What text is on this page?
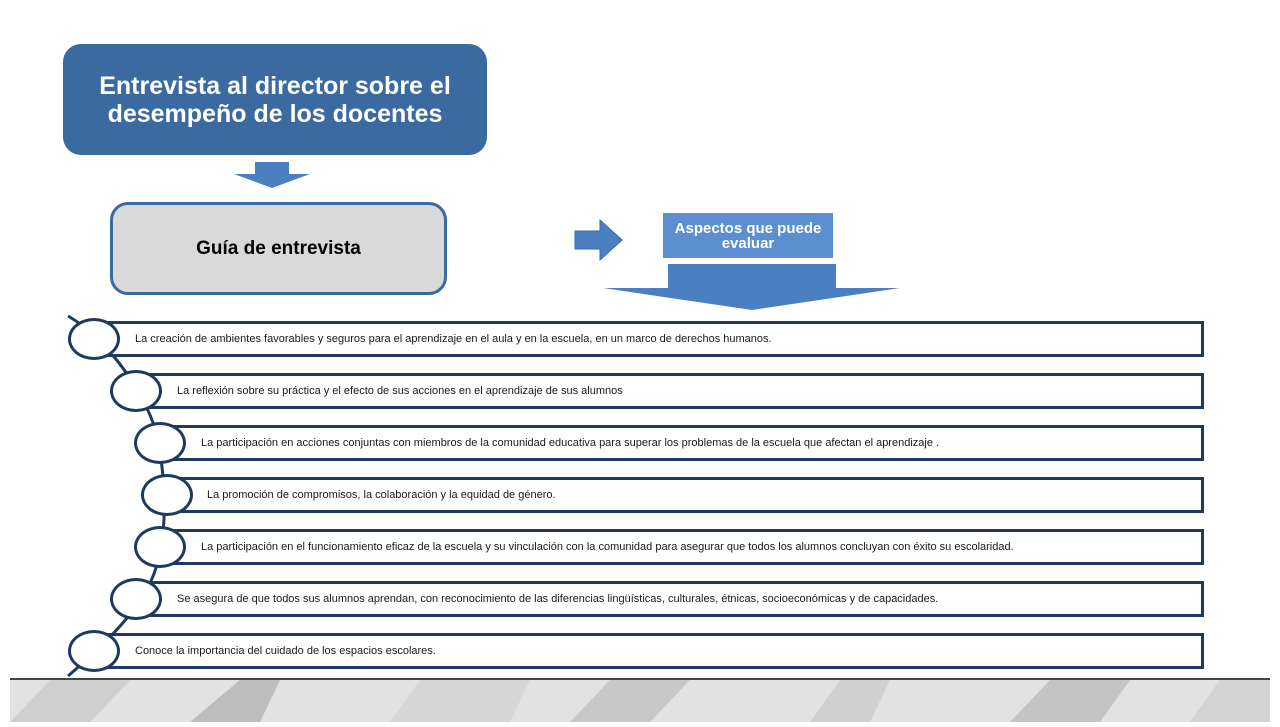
Entrevista al director sobre el desempeño de los docentes
Guía de entrevista
Aspectos que puede evaluar
La creación de ambientes favorables y seguros para el aprendizaje en el aula y en la escuela, en un marco de derechos humanos.
La reflexión sobre su práctica y el efecto de sus acciones en el aprendizaje de sus alumnos
La participación en acciones conjuntas con miembros de la comunidad educativa para superar los problemas de la escuela que afectan el aprendizaje .
La promoción de compromisos, la colaboración y la equidad de género.
La participación en el funcionamiento eficaz de la escuela y su vinculación con la comunidad para asegurar que todos los alumnos concluyan con éxito su escolaridad.
Se asegura de que todos sus alumnos aprendan, con reconocimiento de las diferencias lingüísticas, culturales, étnicas, socioeconómicas y de capacidades.
Conoce la importancia del cuidado de los espacios escolares.
